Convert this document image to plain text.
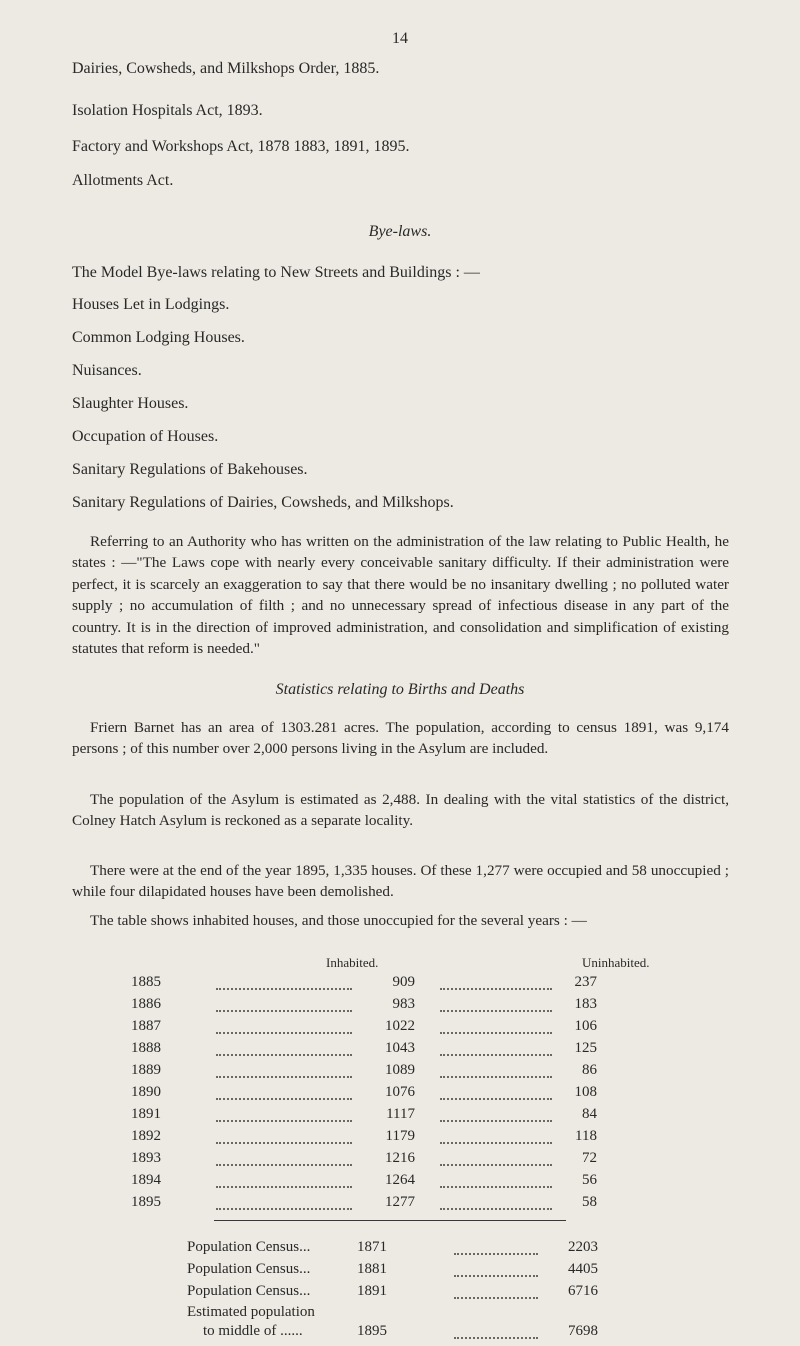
14
Dairies, Cowsheds, and Milkshops Order, 1885.
Isolation Hospitals Act, 1893.
Factory and Workshops Act, 1878 1883, 1891, 1895.
Allotments Act.
Bye-laws.
The Model Bye-laws relating to New Streets and Buildings : —
Houses Let in Lodgings.
Common Lodging Houses.
Nuisances.
Slaughter Houses.
Occupation of Houses.
Sanitary Regulations of Bakehouses.
Sanitary Regulations of Dairies, Cowsheds, and Milkshops.

Referring to an Authority who has written on the administration of the law relating to Public Health, he states : —"The Laws cope with nearly every conceivable sanitary difficulty. If their administration were perfect, it is scarcely an exaggeration to say that there would be no insanitary dwelling ; no polluted water supply ; no accumulation of filth ; and no unnecessary spread of infectious disease in any part of the country. It is in the direction of improved administration, and consolidation and simplification of existing statutes that reform is needed."

Statistics relating to Births and Deaths

Friern Barnet has an area of 1303.281 acres. The population, according to census 1891, was 9,174 persons ; of this number over 2,000 persons living in the Asylum are included.

The population of the Asylum is estimated as 2,488. In dealing with the vital statistics of the district, Colney Hatch Asylum is reckoned as a separate locality.

There were at the end of the year 1895, 1,335 houses. Of these 1,277 were occupied and 58 unoccupied ; while four dilapidated houses have been demolished.

The table shows inhabited houses, and those unoccupied for the several years : —

Inhabited.	Uninhabited.
1885	909	237
1886	983	183
1887	1022	106
1888	1043	125
1889	1089	86
1890	1076	108
1891	1117	84
1892	1179	118
1893	1216	72
1894	1264	56
1895	1277	58
Population Census...	1871	2203
Population Census...	1881	4405
Population Census...	1891	6716
Estimated population
to middle of ......	1895	7698
